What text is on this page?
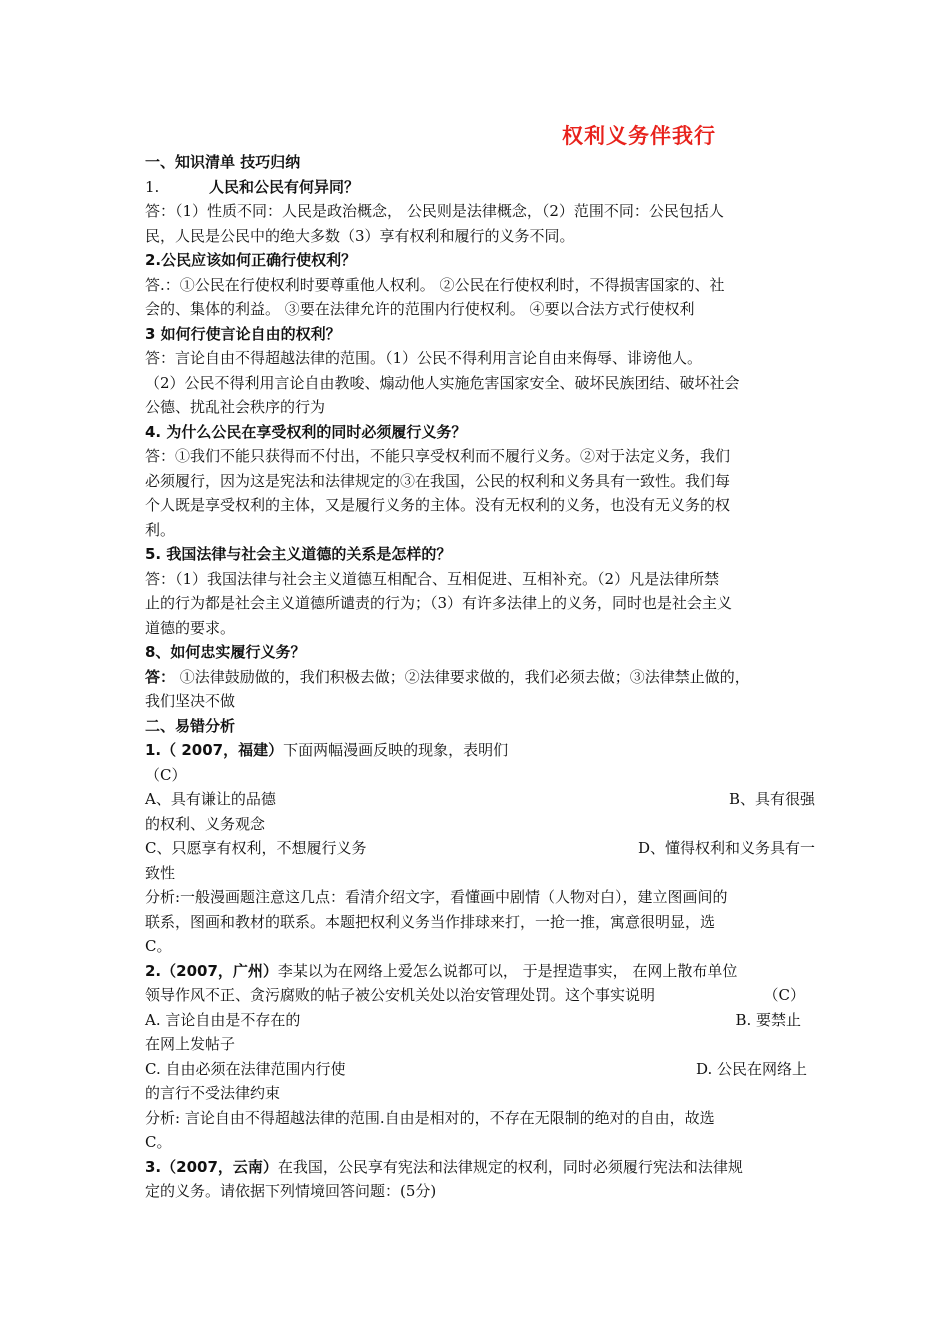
权利义务伴我行
一、知识清单 技巧归纳
1.	人民和公民有何异同？
答：（1）性质不同：人民是政治概念， 公民则是法律概念，（2）范围不同：公民包括人
民，人民是公民中的绝大多数（3）享有权利和履行的义务不同。
2.公民应该如何正确行使权利？
答.：①公民在行使权利时要尊重他人权利。 ②公民在行使权利时，不得损害国家的、社
会的、集体的利益。 ③要在法律允许的范围内行使权利。 ④要以合法方式行使权利
3 如何行使言论自由的权利？
答：言论自由不得超越法律的范围。（1）公民不得利用言论自由来侮辱、诽谤他人。
（2）公民不得利用言论自由教唆、煽动他人实施危害国家安全、破坏民族团结、破坏社会
公德、扰乱社会秩序的行为
4. 为什么公民在享受权利的同时必须履行义务？
答：①我们不能只获得而不付出，不能只享受权利而不履行义务。②对于法定义务，我们
必须履行，因为这是宪法和法律规定的③在我国，公民的权利和义务具有一致性。我们每
个人既是享受权利的主体，又是履行义务的主体。没有无权利的义务，也没有无义务的权
利。
5. 我国法律与社会主义道德的关系是怎样的？
答：（1）我国法律与社会主义道德互相配合、互相促进、互相补充。（2）凡是法律所禁
止的行为都是社会主义道德所谴责的行为；（3）有许多法律上的义务，同时也是社会主义
道德的要求。
8、如何忠实履行义务？
答： ①法律鼓励做的，我们积极去做；②法律要求做的，我们必须去做；③法律禁止做的，
我们坚决不做
二、易错分析
1.（ 2007，福建）下面两幅漫画反映的现象，表明们
（C）
A、具有谦让的品德	B、具有很强
的权利、义务观念
C、只愿享有权利，不想履行义务	D、懂得权利和义务具有一
致性
分析:一般漫画题注意这几点：看清介绍文字，看懂画中剧情（人物对白），建立图画间的
联系，图画和教材的联系。本题把权利义务当作排球来打，一抢一推，寓意很明显，选
C。
2.（2007，广州）李某以为在网络上爱怎么说都可以， 于是捏造事实， 在网上散布单位
领导作风不正、贪污腐败的帖子被公安机关处以治安管理处罚。这个事实说明	（C）
A. 言论自由是不存在的	B. 要禁止
在网上发帖子
C. 自由必须在法律范围内行使	D. 公民在网络上
的言行不受法律约束
分析: 言论自由不得超越法律的范围.自由是相对的，不存在无限制的绝对的自由，故选
C。
3.（2007，云南）在我国，公民享有宪法和法律规定的权利，同时必须履行宪法和法律规
定的义务。请依据下列情境回答问题：(5分)
